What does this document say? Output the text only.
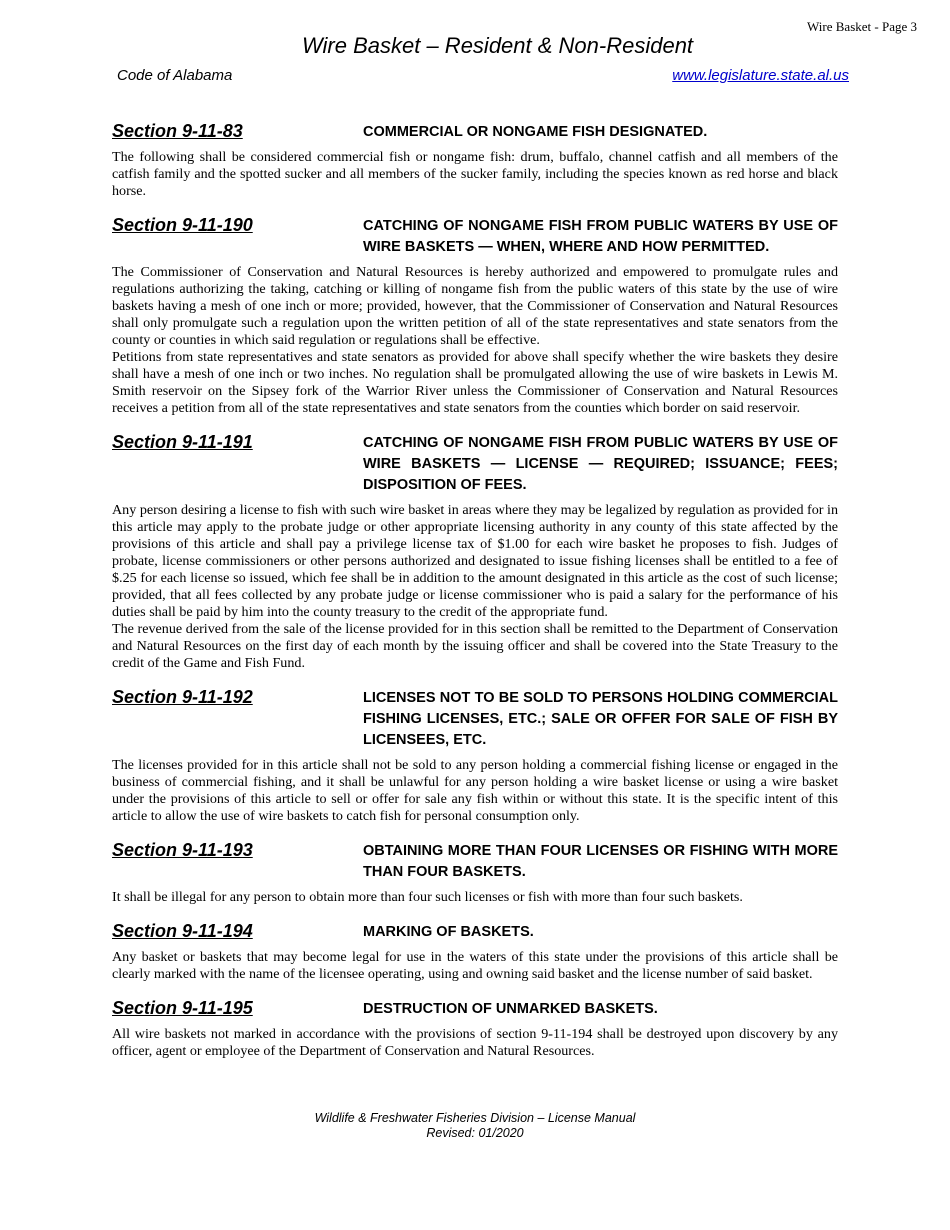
Wire Basket - Page 3
Wire Basket – Resident & Non-Resident
Code of Alabama	www.legislature.state.al.us
Section 9-11-83	COMMERCIAL OR NONGAME FISH DESIGNATED.

The following shall be considered commercial fish or nongame fish: drum, buffalo, channel catfish and all members of the catfish family and the spotted sucker and all members of the sucker family, including the species known as red horse and black horse.

Section 9-11-190	CATCHING OF NONGAME FISH FROM PUBLIC WATERS BY USE OF WIRE BASKETS — WHEN, WHERE AND HOW PERMITTED.

The Commissioner of Conservation and Natural Resources is hereby authorized and empowered to promulgate rules and regulations authorizing the taking, catching or killing of nongame fish from the public waters of this state by the use of wire baskets having a mesh of one inch or more; provided, however, that the Commissioner of Conservation and Natural Resources shall only promulgate such a regulation upon the written petition of all of the state representatives and state senators from the county or counties in which said regulation or regulations shall be effective.

Petitions from state representatives and state senators as provided for above shall specify whether the wire baskets they desire shall have a mesh of one inch or two inches. No regulation shall be promulgated allowing the use of wire baskets in Lewis M. Smith reservoir on the Sipsey fork of the Warrior River unless the Commissioner of Conservation and Natural Resources receives a petition from all of the state representatives and state senators from the counties which border on said reservoir.

Section 9-11-191	CATCHING OF NONGAME FISH FROM PUBLIC WATERS BY USE OF WIRE BASKETS — LICENSE — REQUIRED; ISSUANCE; FEES; DISPOSITION OF FEES.

Any person desiring a license to fish with such wire basket in areas where they may be legalized by regulation as provided for in this article may apply to the probate judge or other appropriate licensing authority in any county of this state affected by the provisions of this article and shall pay a privilege license tax of $1.00 for each wire basket he proposes to fish. Judges of probate, license commissioners or other persons authorized and designated to issue fishing licenses shall be entitled to a fee of $.25 for each license so issued, which fee shall be in addition to the amount designated in this article as the cost of such license; provided, that all fees collected by any probate judge or license commissioner who is paid a salary for the performance of his duties shall be paid by him into the county treasury to the credit of the appropriate fund.

The revenue derived from the sale of the license provided for in this section shall be remitted to the Department of Conservation and Natural Resources on the first day of each month by the issuing officer and shall be covered into the State Treasury to the credit of the Game and Fish Fund.

Section 9-11-192	LICENSES NOT TO BE SOLD TO PERSONS HOLDING COMMERCIAL FISHING LICENSES, ETC.; SALE OR OFFER FOR SALE OF FISH BY LICENSEES, ETC.

The licenses provided for in this article shall not be sold to any person holding a commercial fishing license or engaged in the business of commercial fishing, and it shall be unlawful for any person holding a wire basket license or using a wire basket under the provisions of this article to sell or offer for sale any fish within or without this state. It is the specific intent of this article to allow the use of wire baskets to catch fish for personal consumption only.

Section 9-11-193	OBTAINING MORE THAN FOUR LICENSES OR FISHING WITH MORE THAN FOUR BASKETS.

It shall be illegal for any person to obtain more than four such licenses or fish with more than four such baskets.

Section 9-11-194	MARKING OF BASKETS.

Any basket or baskets that may become legal for use in the waters of this state under the provisions of this article shall be clearly marked with the name of the licensee operating, using and owning said basket and the license number of said basket.

Section 9-11-195	DESTRUCTION OF UNMARKED BASKETS.

All wire baskets not marked in accordance with the provisions of section 9-11-194 shall be destroyed upon discovery by any officer, agent or employee of the Department of Conservation and Natural Resources.

Wildlife & Freshwater Fisheries Division – License Manual
Revised: 01/2020
